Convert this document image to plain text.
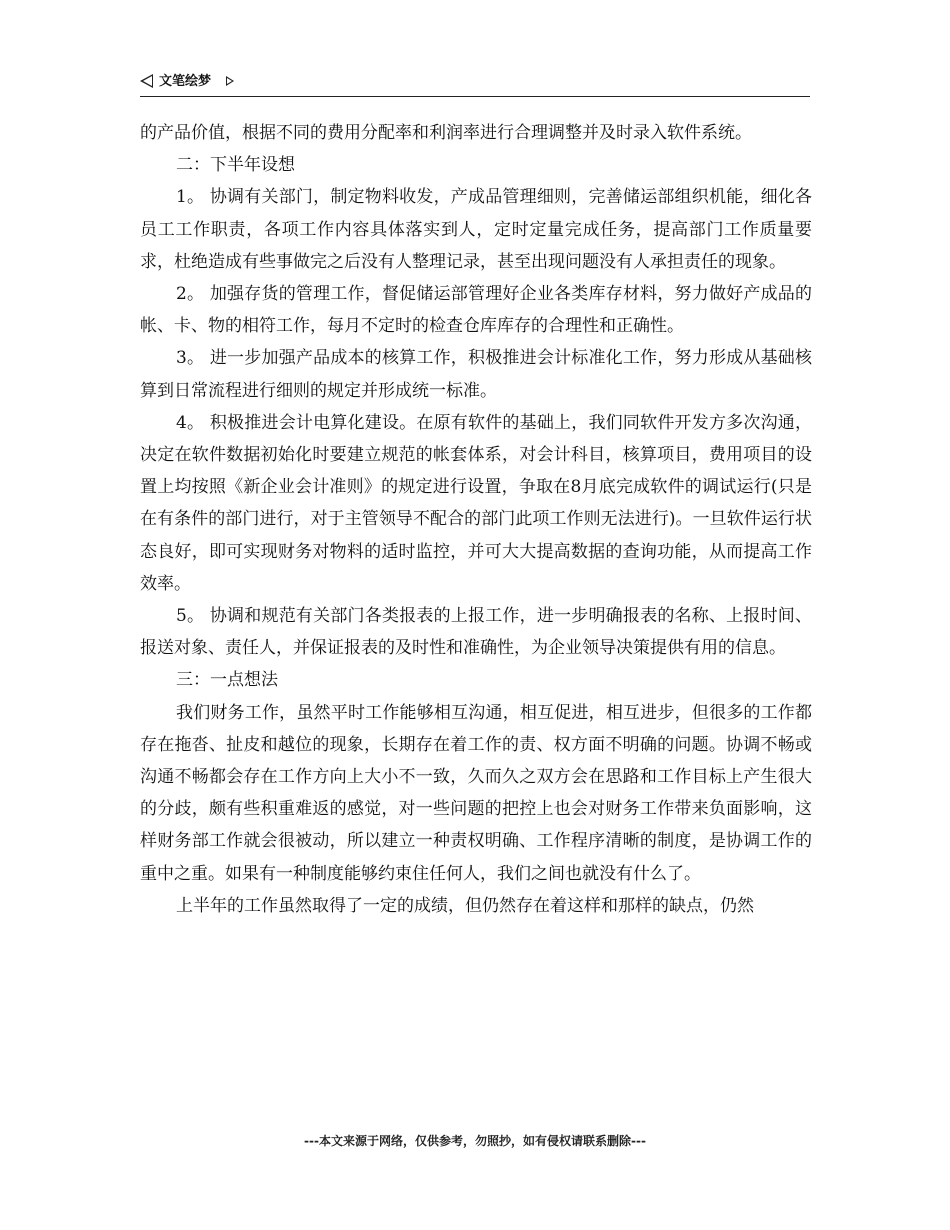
文笔绘梦

的产品价值，根据不同的费用分配率和利润率进行合理调整并及时录入软件系统。

二：下半年设想

1。 协调有关部门，制定物料收发，产成品管理细则，完善储运部组织机能，细化各员工工作职责，各项工作内容具体落实到人，定时定量完成任务，提高部门工作质量要求，杜绝造成有些事做完之后没有人整理记录，甚至出现问题没有人承担责任的现象。

2。 加强存货的管理工作，督促储运部管理好企业各类库存材料，努力做好产成品的帐、卡、物的相符工作，每月不定时的检查仓库库存的合理性和正确性。

3。 进一步加强产品成本的核算工作，积极推进会计标准化工作，努力形成从基础核算到日常流程进行细则的规定并形成统一标准。

4。 积极推进会计电算化建设。在原有软件的基础上，我们同软件开发方多次沟通，决定在软件数据初始化时要建立规范的帐套体系，对会计科目，核算项目，费用项目的设置上均按照《新企业会计准则》的规定进行设置，争取在8月底完成软件的调试运行(只是在有条件的部门进行，对于主管领导不配合的部门此项工作则无法进行)。一旦软件运行状态良好，即可实现财务对物料的适时监控，并可大大提高数据的查询功能，从而提高工作效率。

5。 协调和规范有关部门各类报表的上报工作，进一步明确报表的名称、上报时间、报送对象、责任人，并保证报表的及时性和准确性，为企业领导决策提供有用的信息。

三：一点想法

我们财务工作，虽然平时工作能够相互沟通，相互促进，相互进步，但很多的工作都存在拖沓、扯皮和越位的现象，长期存在着工作的责、权方面不明确的问题。协调不畅或沟通不畅都会存在工作方向上大小不一致，久而久之双方会在思路和工作目标上产生很大的分歧，颇有些积重难返的感觉，对一些问题的把控上也会对财务工作带来负面影响，这样财务部工作就会很被动，所以建立一种责权明确、工作程序清晰的制度，是协调工作的重中之重。如果有一种制度能够约束住任何人，我们之间也就没有什么了。

上半年的工作虽然取得了一定的成绩，但仍然存在着这样和那样的缺点，仍然

---本文来源于网络，仅供参考，勿照抄，如有侵权请联系删除---
